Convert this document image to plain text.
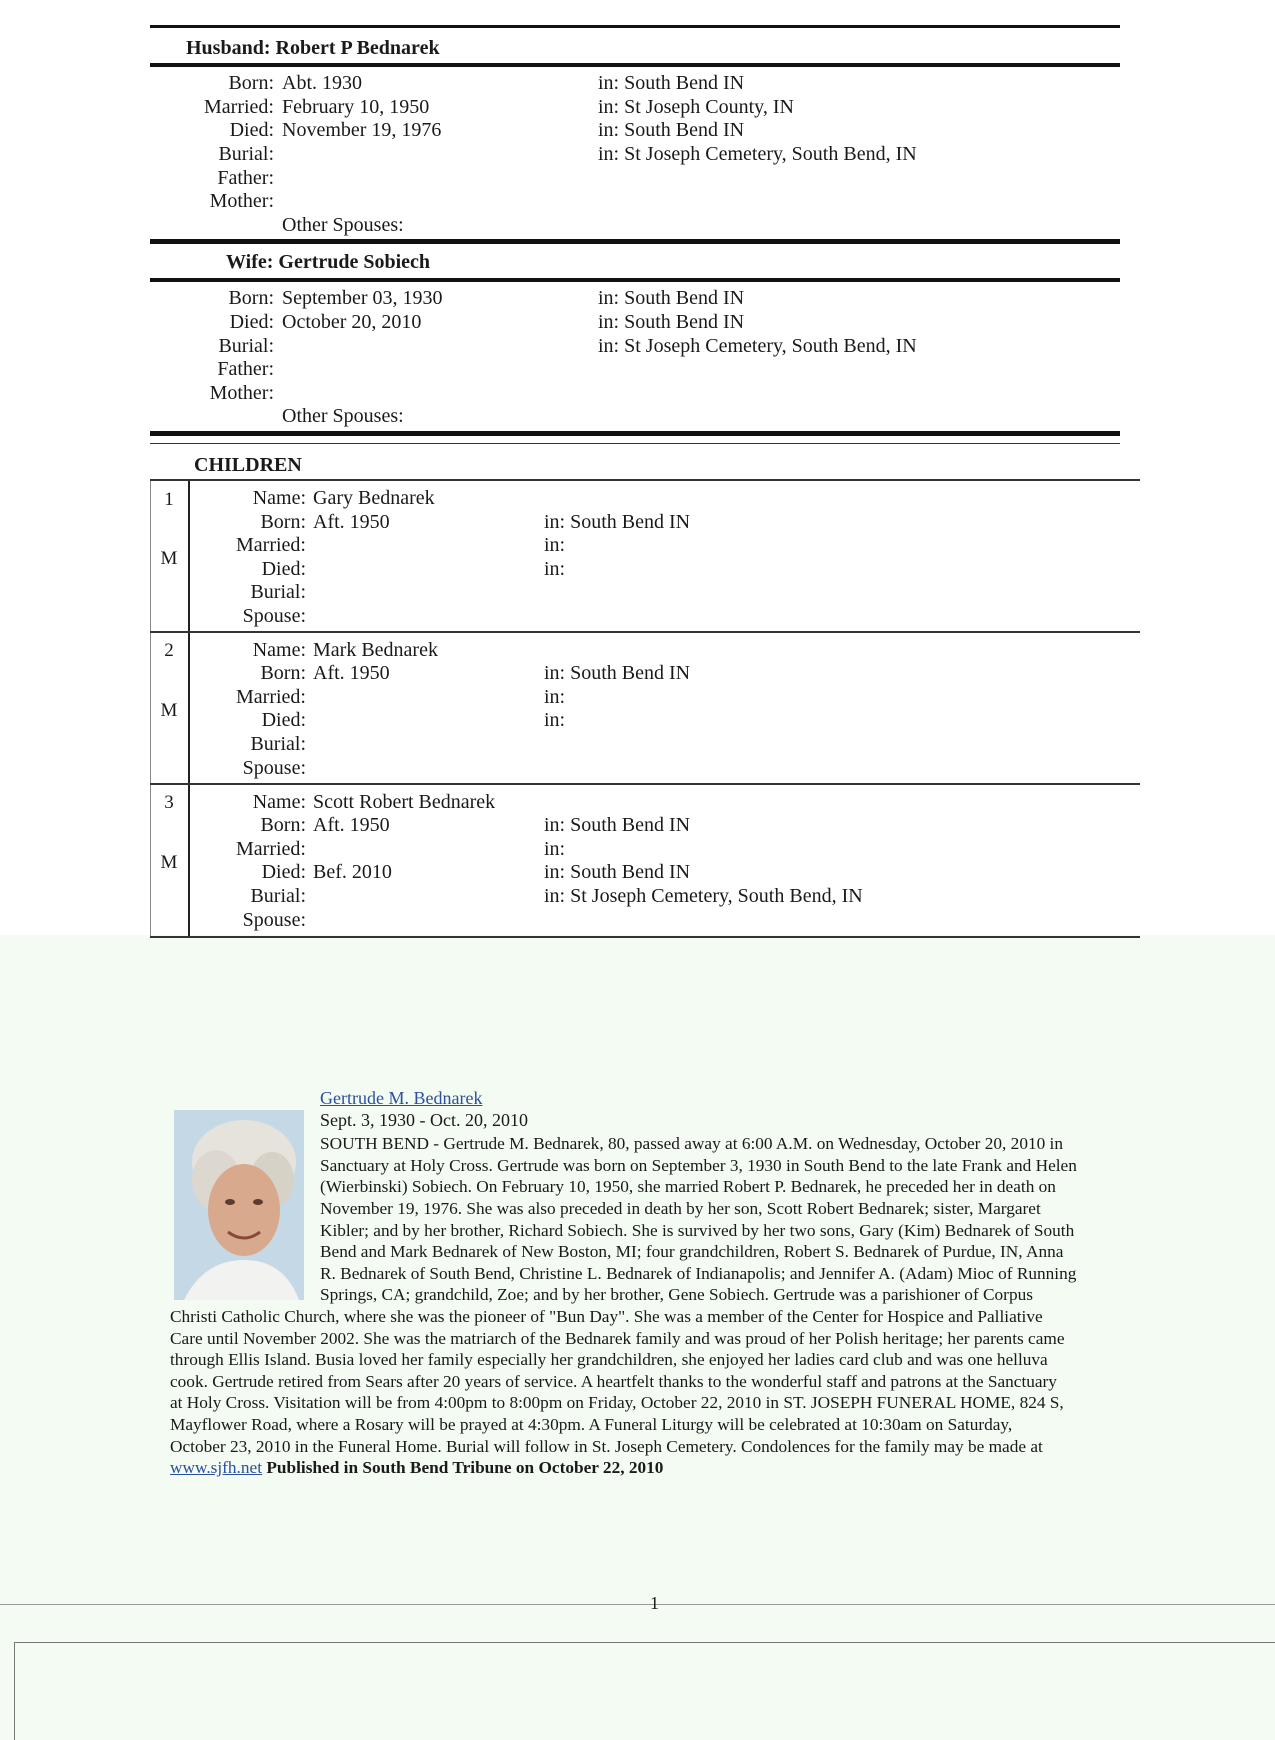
Husband: Robert P Bednarek
Born: Abt. 1930	in: South Bend IN
Married: February 10, 1950	in: St Joseph County, IN
Died: November 19, 1976	in: South Bend IN
Burial:	in: St Joseph Cemetery, South Bend, IN
Father:
Mother:
Other Spouses:
Wife: Gertrude Sobiech
Born: September 03, 1930	in: South Bend IN
Died: October 20, 2010	in: South Bend IN
Burial:	in: St Joseph Cemetery, South Bend, IN
Father:
Mother:
Other Spouses:
CHILDREN
1
M
Name: Gary Bednarek
Born: Aft. 1950	in: South Bend IN
Married:	in:
Died:	in:
Burial:
Spouse:
2
M
Name: Mark Bednarek
Born: Aft. 1950	in: South Bend IN
Married:	in:
Died:	in:
Burial:
Spouse:
3
M
Name: Scott Robert Bednarek
Born: Aft. 1950	in: South Bend IN
Married:	in:
Died: Bef. 2010	in: South Bend IN
Burial:	in: St Joseph Cemetery, South Bend, IN
Spouse:
Gertrude M. Bednarek
Sept. 3, 1930 - Oct. 20, 2010
SOUTH BEND - Gertrude M. Bednarek, 80, passed away at 6:00 A.M. on Wednesday, October 20, 2010 in
Sanctuary at Holy Cross. Gertrude was born on September 3, 1930 in South Bend to the late Frank and Helen
(Wierbinski) Sobiech. On February 10, 1950, she married Robert P. Bednarek, he preceded her in death on
November 19, 1976. She was also preceded in death by her son, Scott Robert Bednarek; sister, Margaret
Kibler; and by her brother, Richard Sobiech. She is survived by her two sons, Gary (Kim) Bednarek of South
Bend and Mark Bednarek of New Boston, MI; four grandchildren, Robert S. Bednarek of Purdue, IN, Anna
R. Bednarek of South Bend, Christine L. Bednarek of Indianapolis; and Jennifer A. (Adam) Mioc of Running
Springs, CA; grandchild, Zoe; and by her brother, Gene Sobiech. Gertrude was a parishioner of Corpus
Christi Catholic Church, where she was the pioneer of "Bun Day". She was a member of the Center for Hospice and Palliative
Care until November 2002. She was the matriarch of the Bednarek family and was proud of her Polish heritage; her parents came
through Ellis Island. Busia loved her family especially her grandchildren, she enjoyed her ladies card club and was one helluva
cook. Gertrude retired from Sears after 20 years of service. A heartfelt thanks to the wonderful staff and patrons at the Sanctuary
at Holy Cross. Visitation will be from 4:00pm to 8:00pm on Friday, October 22, 2010 in ST. JOSEPH FUNERAL HOME, 824 S,
Mayflower Road, where a Rosary will be prayed at 4:30pm. A Funeral Liturgy will be celebrated at 10:30am on Saturday,
October 23, 2010 in the Funeral Home. Burial will follow in St. Joseph Cemetery. Condolences for the family may be made at
www.sjfh.net Published in South Bend Tribune on October 22, 2010
1
